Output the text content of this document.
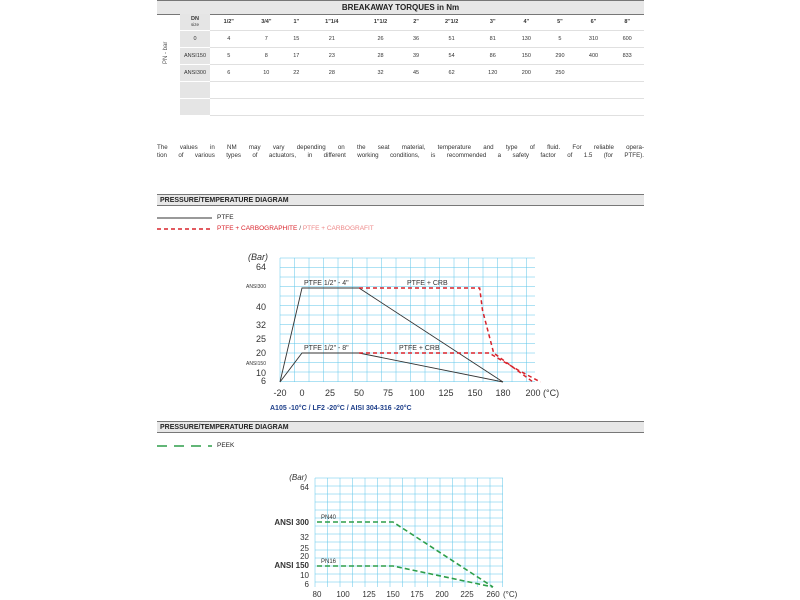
BREAKAWAY TORQUES in Nm
PN - bar
DN
size	1/2"	3/4"	1"	1"1/4	1"1/2	2"	2"1/2	3"	4"	5"	6"	8"
0	4	7	15	21	26	36	51	81	130	5	310	600
ANSI150	5	8	17	23	28	39	54	86	150	290	400	833
ANSI300	6	10	22	28	32	45	62	120	200	250		

The values in NM may vary depending on the seat material, temperature and type of fluid. For reliable opera-
tion of various types of actuators, in different working conditions, is recommended a safety factor of 1.5 (for PTFE).
PRESSURE/TEMPERATURE DIAGRAM
PTFE
PTFE + CARBOGRAPHITE / PTFE + CARBOGRAFIT
64
ANSI300
40
32
25
20
ANSI150
10
6
(Bar)
-20 0 25 50 75 100 125 150 180 200 (°C)
A105 -10°C / LF2 -20°C / AISI 304-316 -20°C
PTFE 1/2" - 4"	PTFE + CRB
PTFE 1/2" - 8"	PTFE + CRB
PRESSURE/TEMPERATURE DIAGRAM
PEEK
(Bar)
64
ANSI 300
32
25
20
ANSI 150
10
6
80 100 125 150 175 200 225 260 (°C)
PN40
PN16
